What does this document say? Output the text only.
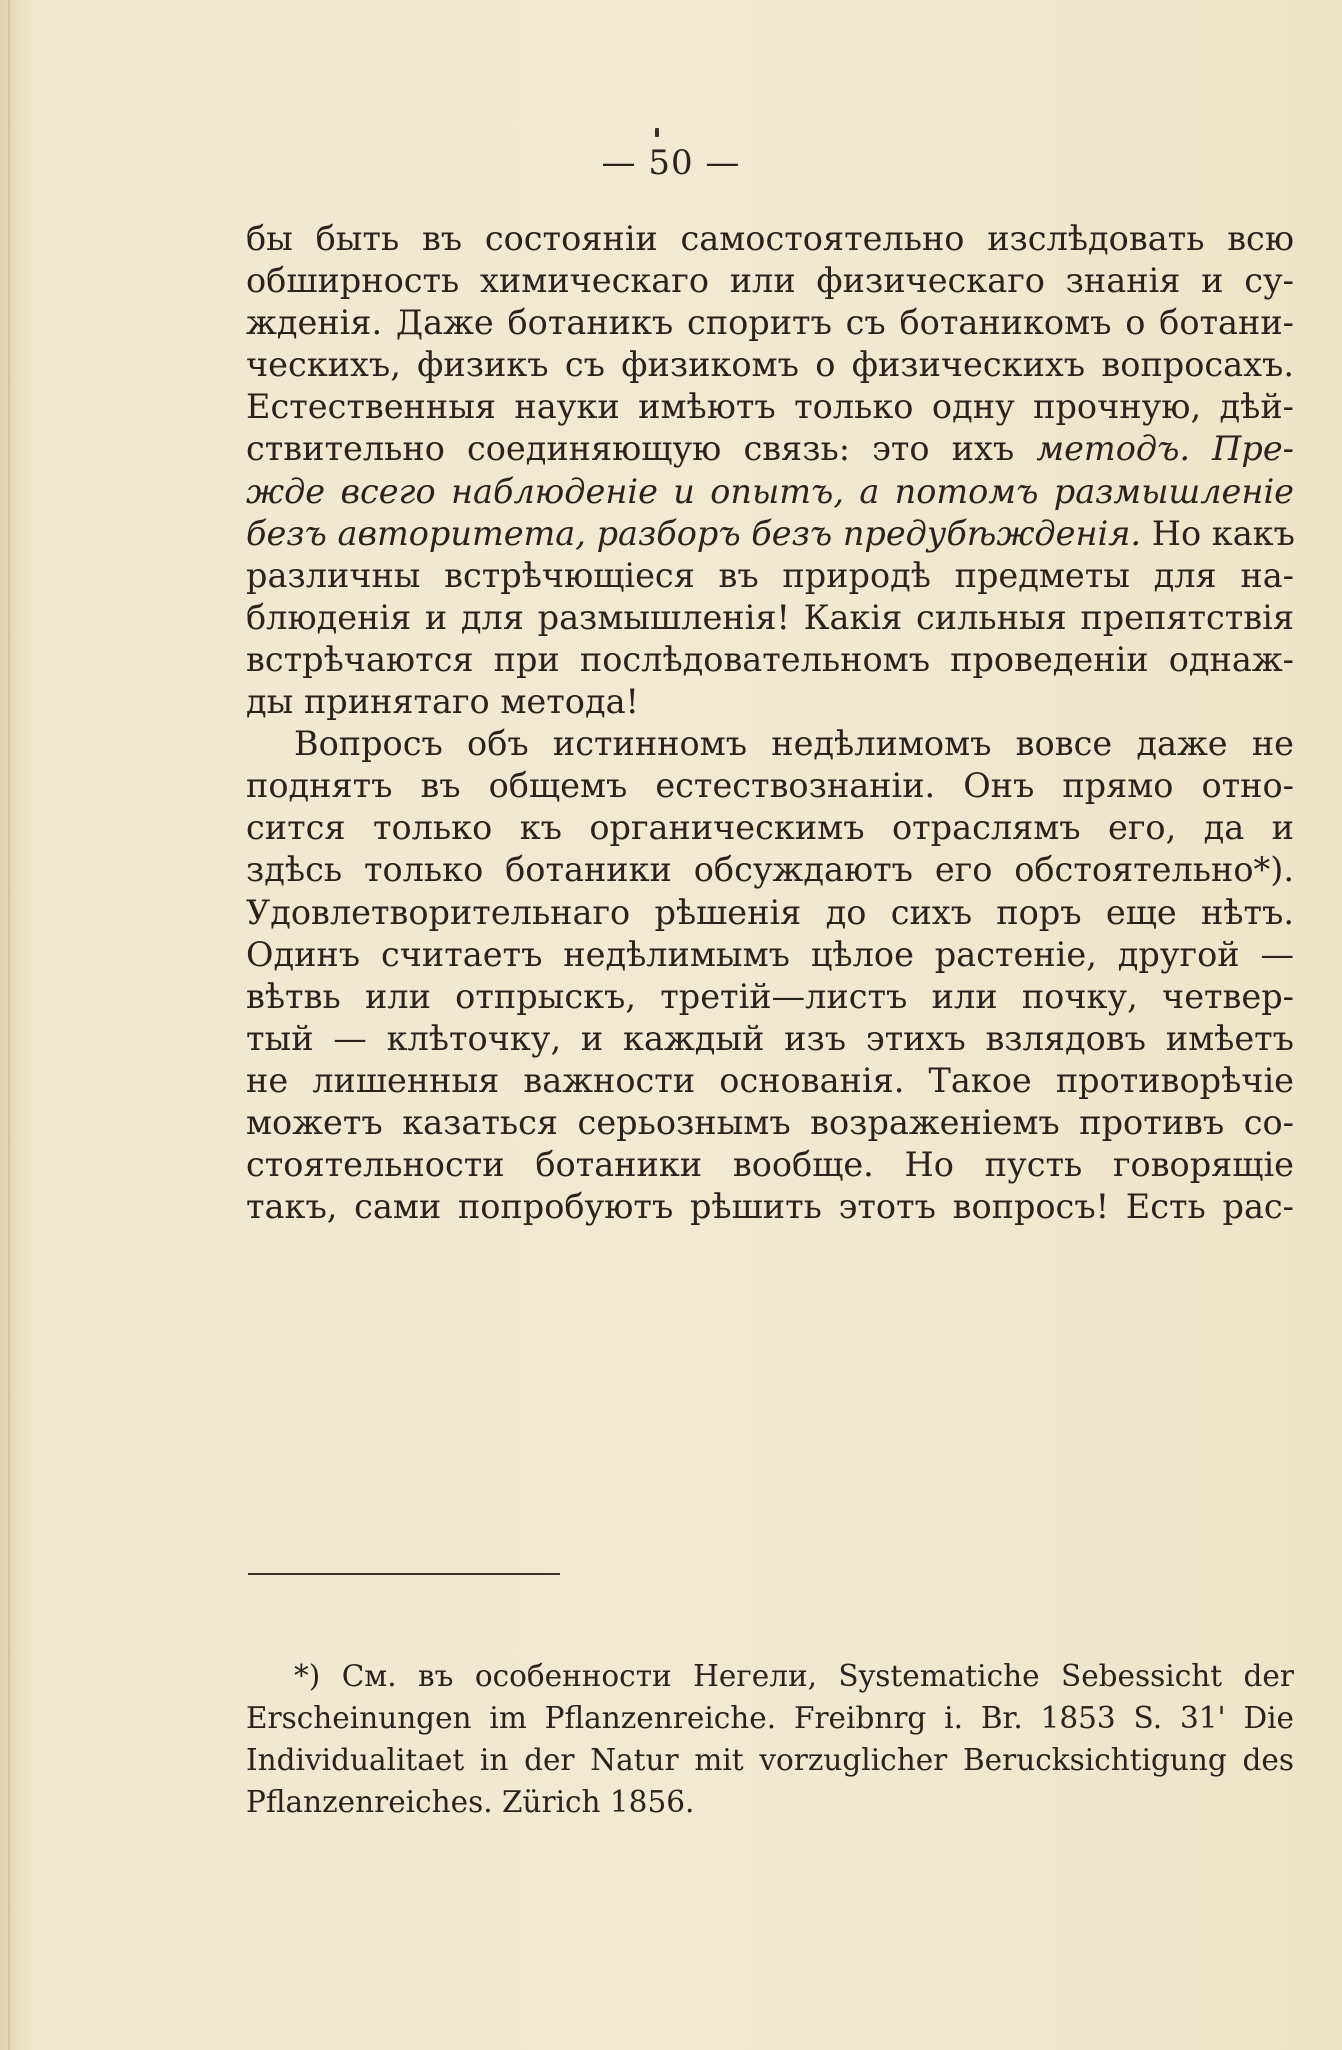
— 50 —
бы быть въ состоянiи самостоятельно изслѣдовать всю
обширность химическаго или физическаго знанiя и су-
жденiя. Даже ботаникъ споритъ съ ботаникомъ о ботани-
ческихъ, физикъ съ физикомъ о физическихъ вопросахъ.
Естественныя науки имѣютъ только одну прочную, дѣй-
ствительно соединяющую связь: это ихъ методъ. Пре-
жде всего наблюденiе и опытъ, а потомъ размышленiе
безъ авторитета, разборъ безъ предубѣжденiя. Но какъ
различны встрѣчющiеся въ природѣ предметы для на-
блюденiя и для размышленiя! Какiя сильныя препятствiя
встрѣчаются при послѣдовательномъ проведенiи однаж-
ды принятаго метода!
Вопросъ объ истинномъ недѣлимомъ вовсе даже не
поднятъ въ общемъ естествознанiи. Онъ прямо отно-
сится только къ органическимъ отраслямъ его, да и
здѣсь только ботаники обсуждаютъ его обстоятельно*).
Удовлетворительнаго рѣшенiя до сихъ поръ еще нѣтъ.
Одинъ считаетъ недѣлимымъ цѣлое растенiе, другой —
вѣтвь или отпрыскъ, третiй—листъ или почку, четвер-
тый — клѣточку, и каждый изъ этихъ взлядовъ имѣетъ
не лишенныя важности основанiя. Такое противорѣчiе
можетъ казаться серьознымъ возраженiемъ противъ со-
стоятельности ботаники вообще. Но пусть говорящiе
такъ, сами попробуютъ рѣшить этотъ вопросъ! Есть рас-
*) См. въ особенности Негели, Systematiche Sebessicht der
Erscheinungen im Pflanzenreiche. Freibnrg i. Br. 1853 S. 31' Die
Individualitaet in der Natur mit vorzuglicher Berucksichtigung des
Pflanzenreiches. Zürich 1856.
